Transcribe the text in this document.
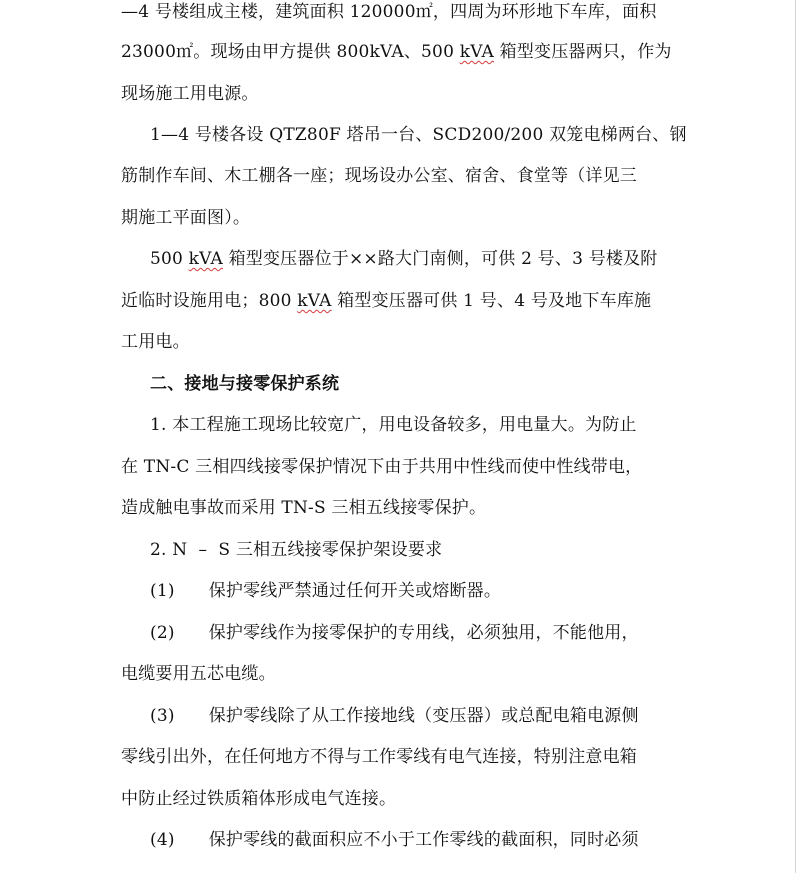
—4 号楼组成主楼，建筑面积 120000㎡，四周为环形地下车库，面积
23000㎡。现场由甲方提供 800kVA、500 kVA 箱型变压器两只，作为
现场施工用电源。
1—4 号楼各设 QTZ80F 塔吊一台、SCD200/200 双笼电梯两台、钢
筋制作车间、木工棚各一座；现场设办公室、宿舍、食堂等（详见三
期施工平面图）。
500 kVA 箱型变压器位于××路大门南侧，可供 2 号、3 号楼及附
近临时设施用电；800 kVA 箱型变压器可供 1 号、4 号及地下车库施
工用电。
二、接地与接零保护系统
1. 本工程施工现场比较宽广，用电设备较多，用电量大。为防止
在 TN-C 三相四线接零保护情况下由于共用中性线而使中性线带电，
造成触电事故而采用 TN-S 三相五线接零保护。
2. N  –  S 三相五线接零保护架设要求
(1) 保护零线严禁通过任何开关或熔断器。
(2) 保护零线作为接零保护的专用线，必须独用，不能他用，
电缆要用五芯电缆。
(3) 保护零线除了从工作接地线（变压器）或总配电箱电源侧
零线引出外，在任何地方不得与工作零线有电气连接，特别注意电箱
中防止经过铁质箱体形成电气连接。
(4) 保护零线的截面积应不小于工作零线的截面积，同时必须
